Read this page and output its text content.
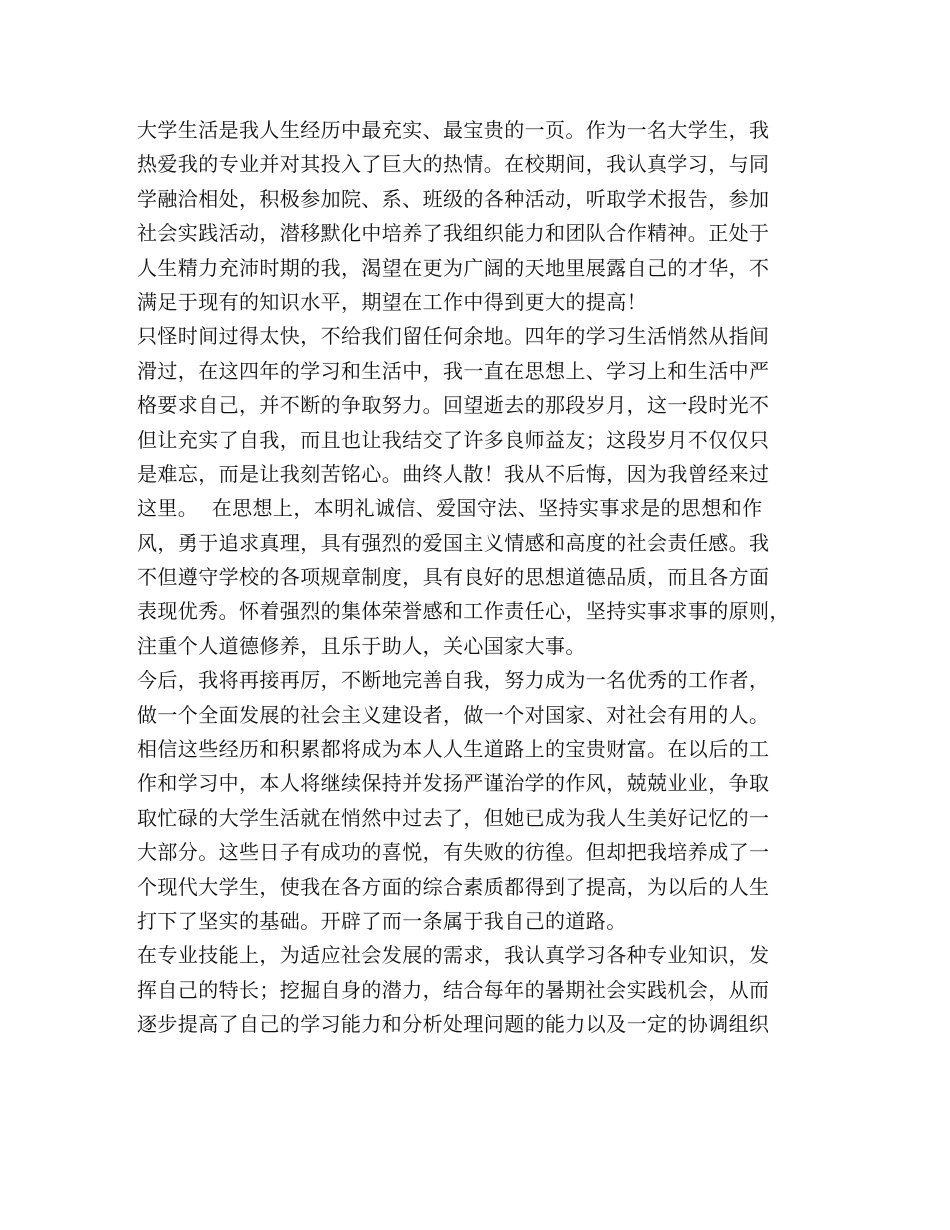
大学生活是我人生经历中最充实、最宝贵的一页。作为一名大学生，我
热爱我的专业并对其投入了巨大的热情。在校期间，我认真学习，与同
学融洽相处，积极参加院、系、班级的各种活动，听取学术报告，参加
社会实践活动，潜移默化中培养了我组织能力和团队合作精神。正处于
人生精力充沛时期的我，渴望在更为广阔的天地里展露自己的才华，不
满足于现有的知识水平，期望在工作中得到更大的提高！
只怪时间过得太快，不给我们留任何余地。四年的学习生活悄然从指间
滑过，在这四年的学习和生活中，我一直在思想上、学习上和生活中严
格要求自己，并不断的争取努力。回望逝去的那段岁月，这一段时光不
但让充实了自我，而且也让我结交了许多良师益友；这段岁月不仅仅只
是难忘，而是让我刻苦铭心。曲终人散！我从不后悔，因为我曾经来过
这里。  在思想上，本明礼诚信、爱国守法、坚持实事求是的思想和作
风，勇于追求真理，具有强烈的爱国主义情感和高度的社会责任感。我
不但遵守学校的各项规章制度，具有良好的思想道德品质，而且各方面
表现优秀。怀着强烈的集体荣誉感和工作责任心，坚持实事求事的原则，
注重个人道德修养，且乐于助人，关心国家大事。
今后，我将再接再厉，不断地完善自我，努力成为一名优秀的工作者，
做一个全面发展的社会主义建设者，做一个对国家、对社会有用的人。
相信这些经历和积累都将成为本人人生道路上的宝贵财富。在以后的工
作和学习中，本人将继续保持并发扬严谨治学的作风，兢兢业业，争取
取忙碌的大学生活就在悄然中过去了，但她已成为我人生美好记忆的一
大部分。这些日子有成功的喜悦，有失败的彷徨。但却把我培养成了一
个现代大学生，使我在各方面的综合素质都得到了提高，为以后的人生
打下了坚实的基础。开辟了而一条属于我自己的道路。
在专业技能上，为适应社会发展的需求，我认真学习各种专业知识，发
挥自己的特长；挖掘自身的潜力，结合每年的暑期社会实践机会，从而
逐步提高了自己的学习能力和分析处理问题的能力以及一定的协调组织
